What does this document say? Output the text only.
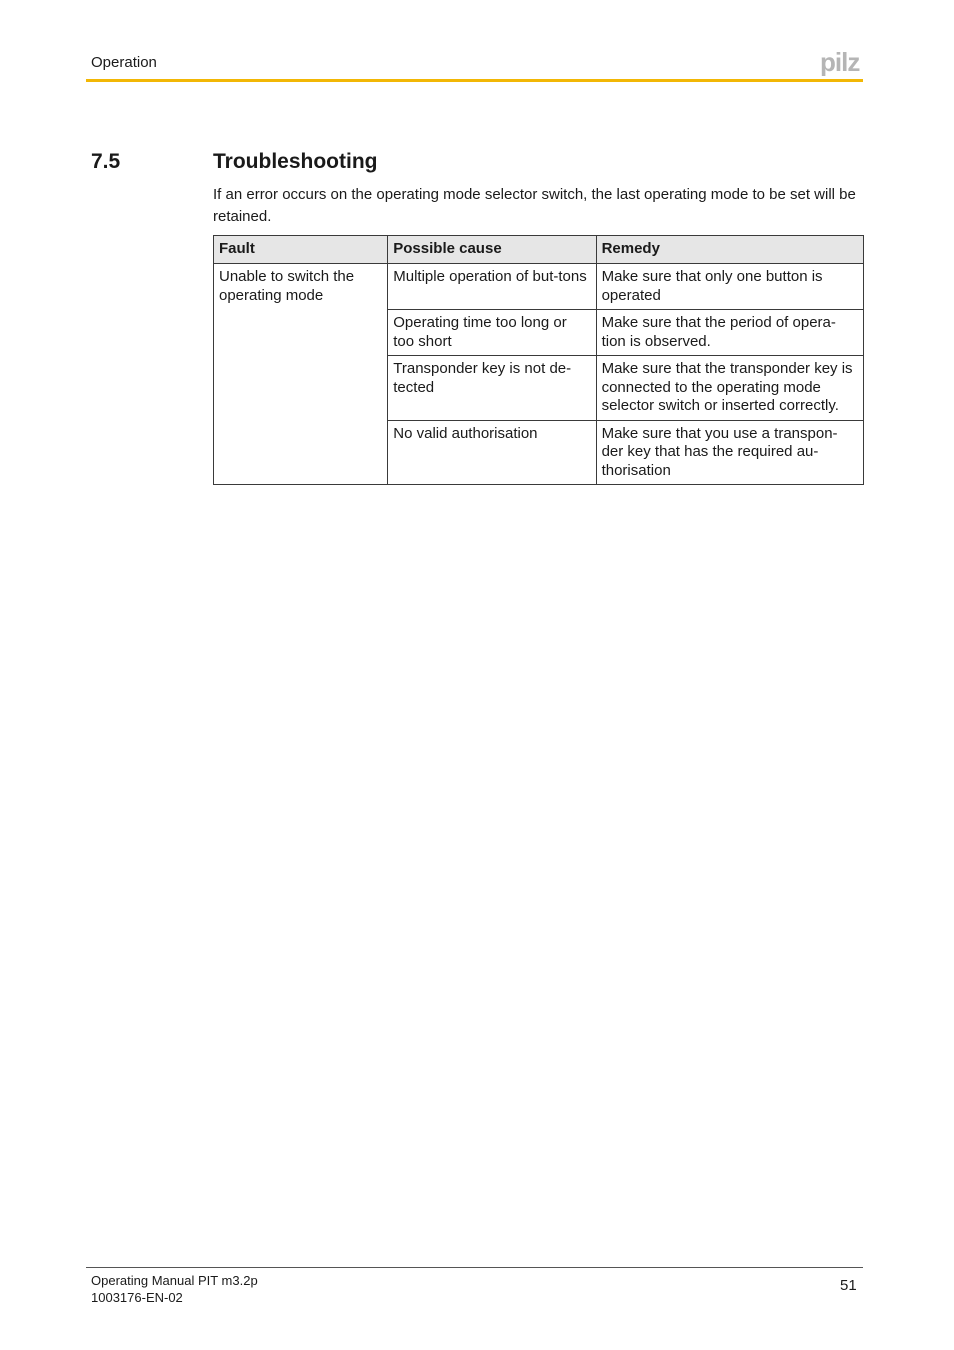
Operation	pilz
7.5	Troubleshooting

If an error occurs on the operating mode selector switch, the last operating mode to be set will be retained.

Fault	Possible cause	Remedy
Unable to switch the operating mode	Multiple operation of but-tons	Make sure that only one button is operated
	Operating time too long or too short	Make sure that the period of opera-tion is observed.
	Transponder key is not de-tected	Make sure that the transponder key is connected to the operating mode selector switch or inserted correctly.
	No valid authorisation	Make sure that you use a transpon-der key that has the required au-thorisation
Operating Manual PIT m3.2p
1003176-EN-02
51
